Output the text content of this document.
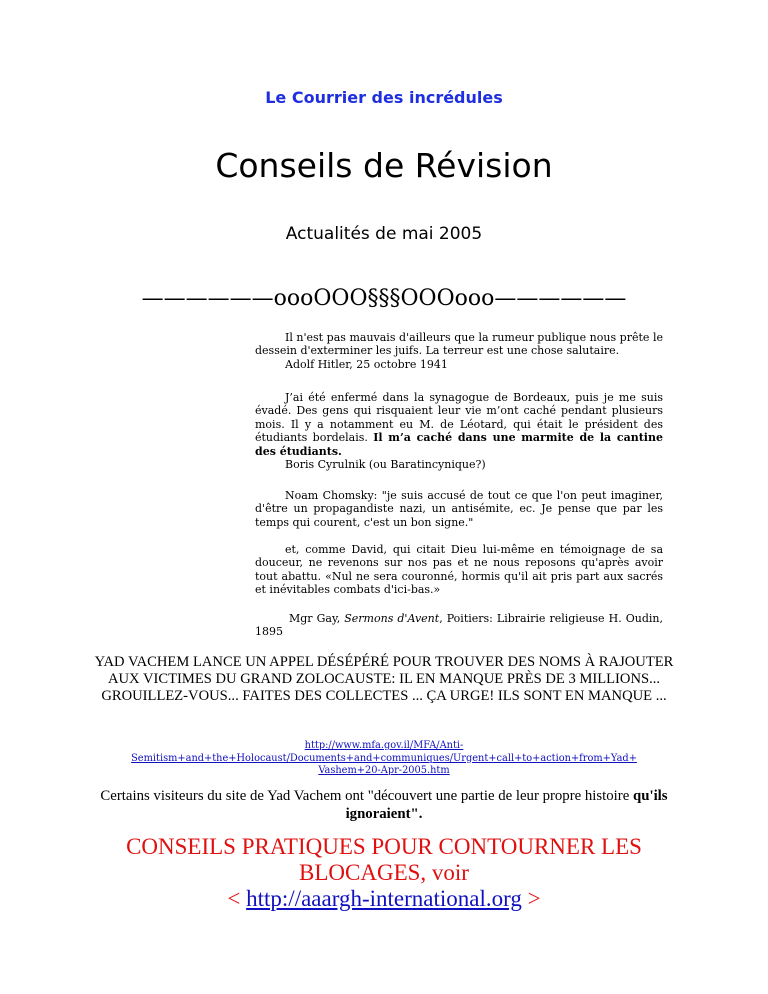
Le Courrier des incrédules
Conseils de Révision
Actualités de mai 2005
——————oooOOO§§§OOOooo——————

Il n'est pas mauvais d'ailleurs que la rumeur publique nous prête le dessein d'exterminer les juifs. La terreur est une chose salutaire.

Adolf Hitler, 25 octobre 1941

J’ai été enfermé dans la synagogue de Bordeaux, puis je me suis évadé. Des gens qui risquaient leur vie m’ont caché pendant plusieurs mois. Il y a notamment eu M. de Léotard, qui était le président des étudiants bordelais. Il m’a caché dans une marmite de la cantine des étudiants.

Boris Cyrulnik (ou Baratincynique?)

Noam Chomsky: "je suis accusé de tout ce que l'on peut imaginer, d'être un propagandiste nazi, un antisémite, ec. Je pense que par les temps qui courent, c'est un bon signe."

et, comme David, qui citait Dieu lui-même en témoignage de sa douceur, ne revenons sur nos pas et ne nous reposons qu'après avoir tout abattu. «Nul ne sera couronné, hormis qu'il ait pris part aux sacrés et inévitables combats d'ici-bas.»

Mgr Gay, Sermons d'Avent, Poitiers: Librairie religieuse H. Oudin, 1895

YAD VACHEM LANCE UN APPEL DÉSÉPÉRÉ POUR TROUVER DES NOMS À RAJOUTER AUX VICTIMES DU GRAND ZOLOCAUSTE: IL EN MANQUE PRÈS DE 3 MILLIONS... GROUILLEZ-VOUS... FAITES DES COLLECTES ... ÇA URGE! ILS SONT EN MANQUE ...
http://www.mfa.gov.il/MFA/Anti-
Semitism+and+the+Holocaust/Documents+and+communiques/Urgent+call+to+action+from+Yad+
Vashem+20-Apr-2005.htm
Certains visiteurs du site de Yad Vachem ont "découvert une partie de leur propre histoire qu'ils ignoraient".
CONSEILS PRATIQUES POUR CONTOURNER LES BLOCAGES, voir
< http://aaargh-international.org >
